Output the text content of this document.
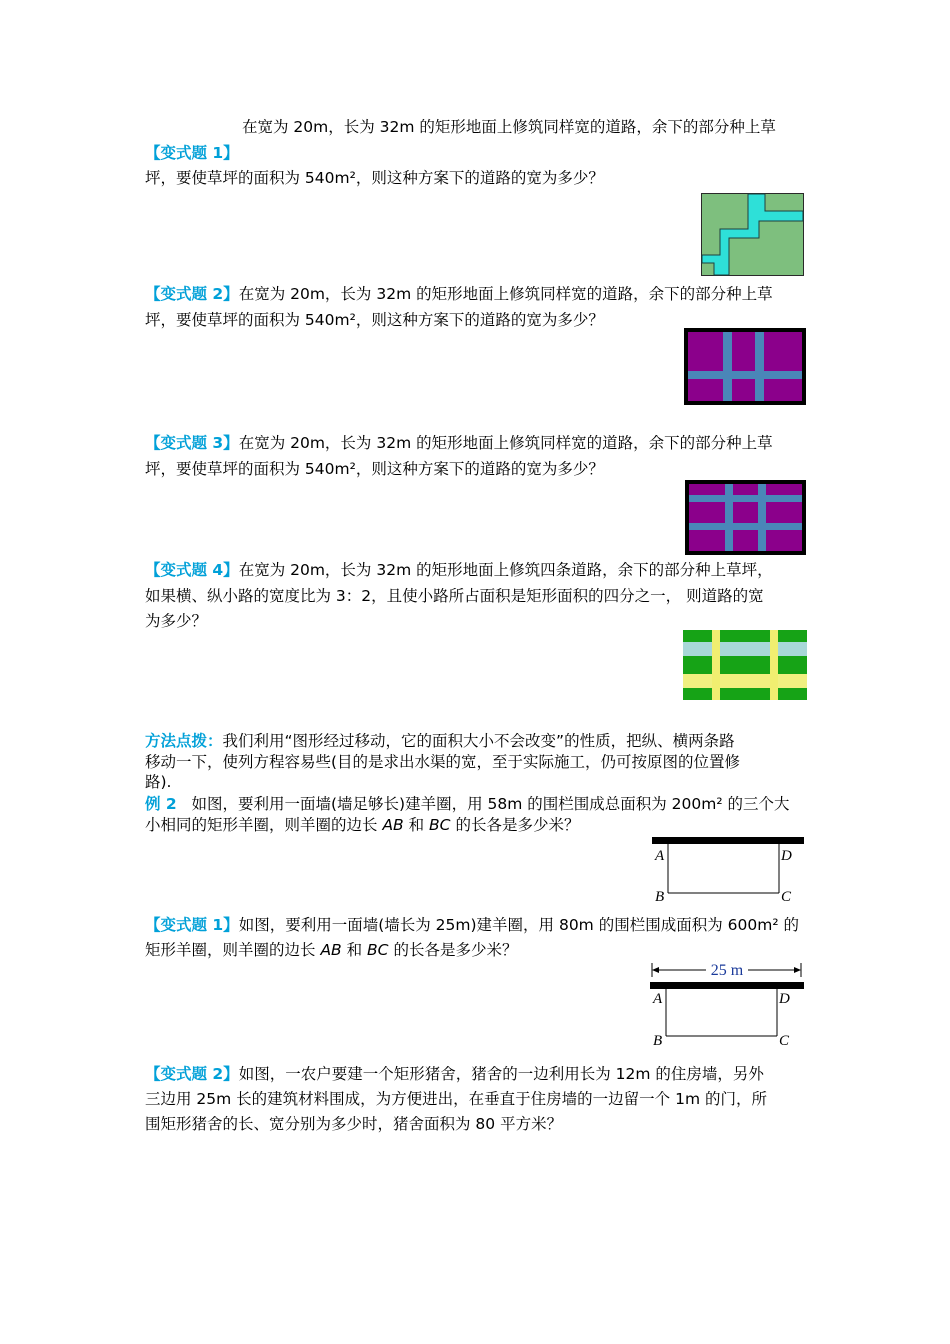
在宽为 20m，长为 32m 的矩形地面上修筑同样宽的道路，余下的部分种上草
【变式题 1】
坪，要使草坪的面积为 540m²，则这种方案下的道路的宽为多少？
【变式题 2】在宽为 20m，长为 32m 的矩形地面上修筑同样宽的道路，余下的部分种上草
坪，要使草坪的面积为 540m²，则这种方案下的道路的宽为多少？
【变式题 3】在宽为 20m，长为 32m 的矩形地面上修筑同样宽的道路，余下的部分种上草
坪，要使草坪的面积为 540m²，则这种方案下的道路的宽为多少？
【变式题 4】在宽为 20m，长为 32m 的矩形地面上修筑四条道路，余下的部分种上草坪，
如果横、纵小路的宽度比为 3：2，且使小路所占面积是矩形面积的四分之一， 则道路的宽
为多少？
方法点拨：我们利用“图形经过移动，它的面积大小不会改变”的性质，把纵、横两条路
移动一下，使列方程容易些(目的是求出水渠的宽，至于实际施工，仍可按原图的位置修
路).
例 2 如图，要利用一面墙(墙足够长)建羊圈，用 58m 的围栏围成总面积为 200m² 的三个大
小相同的矩形羊圈，则羊圈的边长 AB 和 BC 的长各是多少米？
A	D
B	C
【变式题 1】如图，要利用一面墙(墙长为 25m)建羊圈，用 80m 的围栏围成面积为 600m² 的
矩形羊圈，则羊圈的边长 AB 和 BC 的长各是多少米？
25 m
A	D
B	C
【变式题 2】如图，一农户要建一个矩形猪舍，猪舍的一边利用长为 12m 的住房墙，另外
三边用 25m 长的建筑材料围成，为方便进出，在垂直于住房墙的一边留一个 1m 的门，所
围矩形猪舍的长、宽分别为多少时，猪舍面积为 80 平方米？
